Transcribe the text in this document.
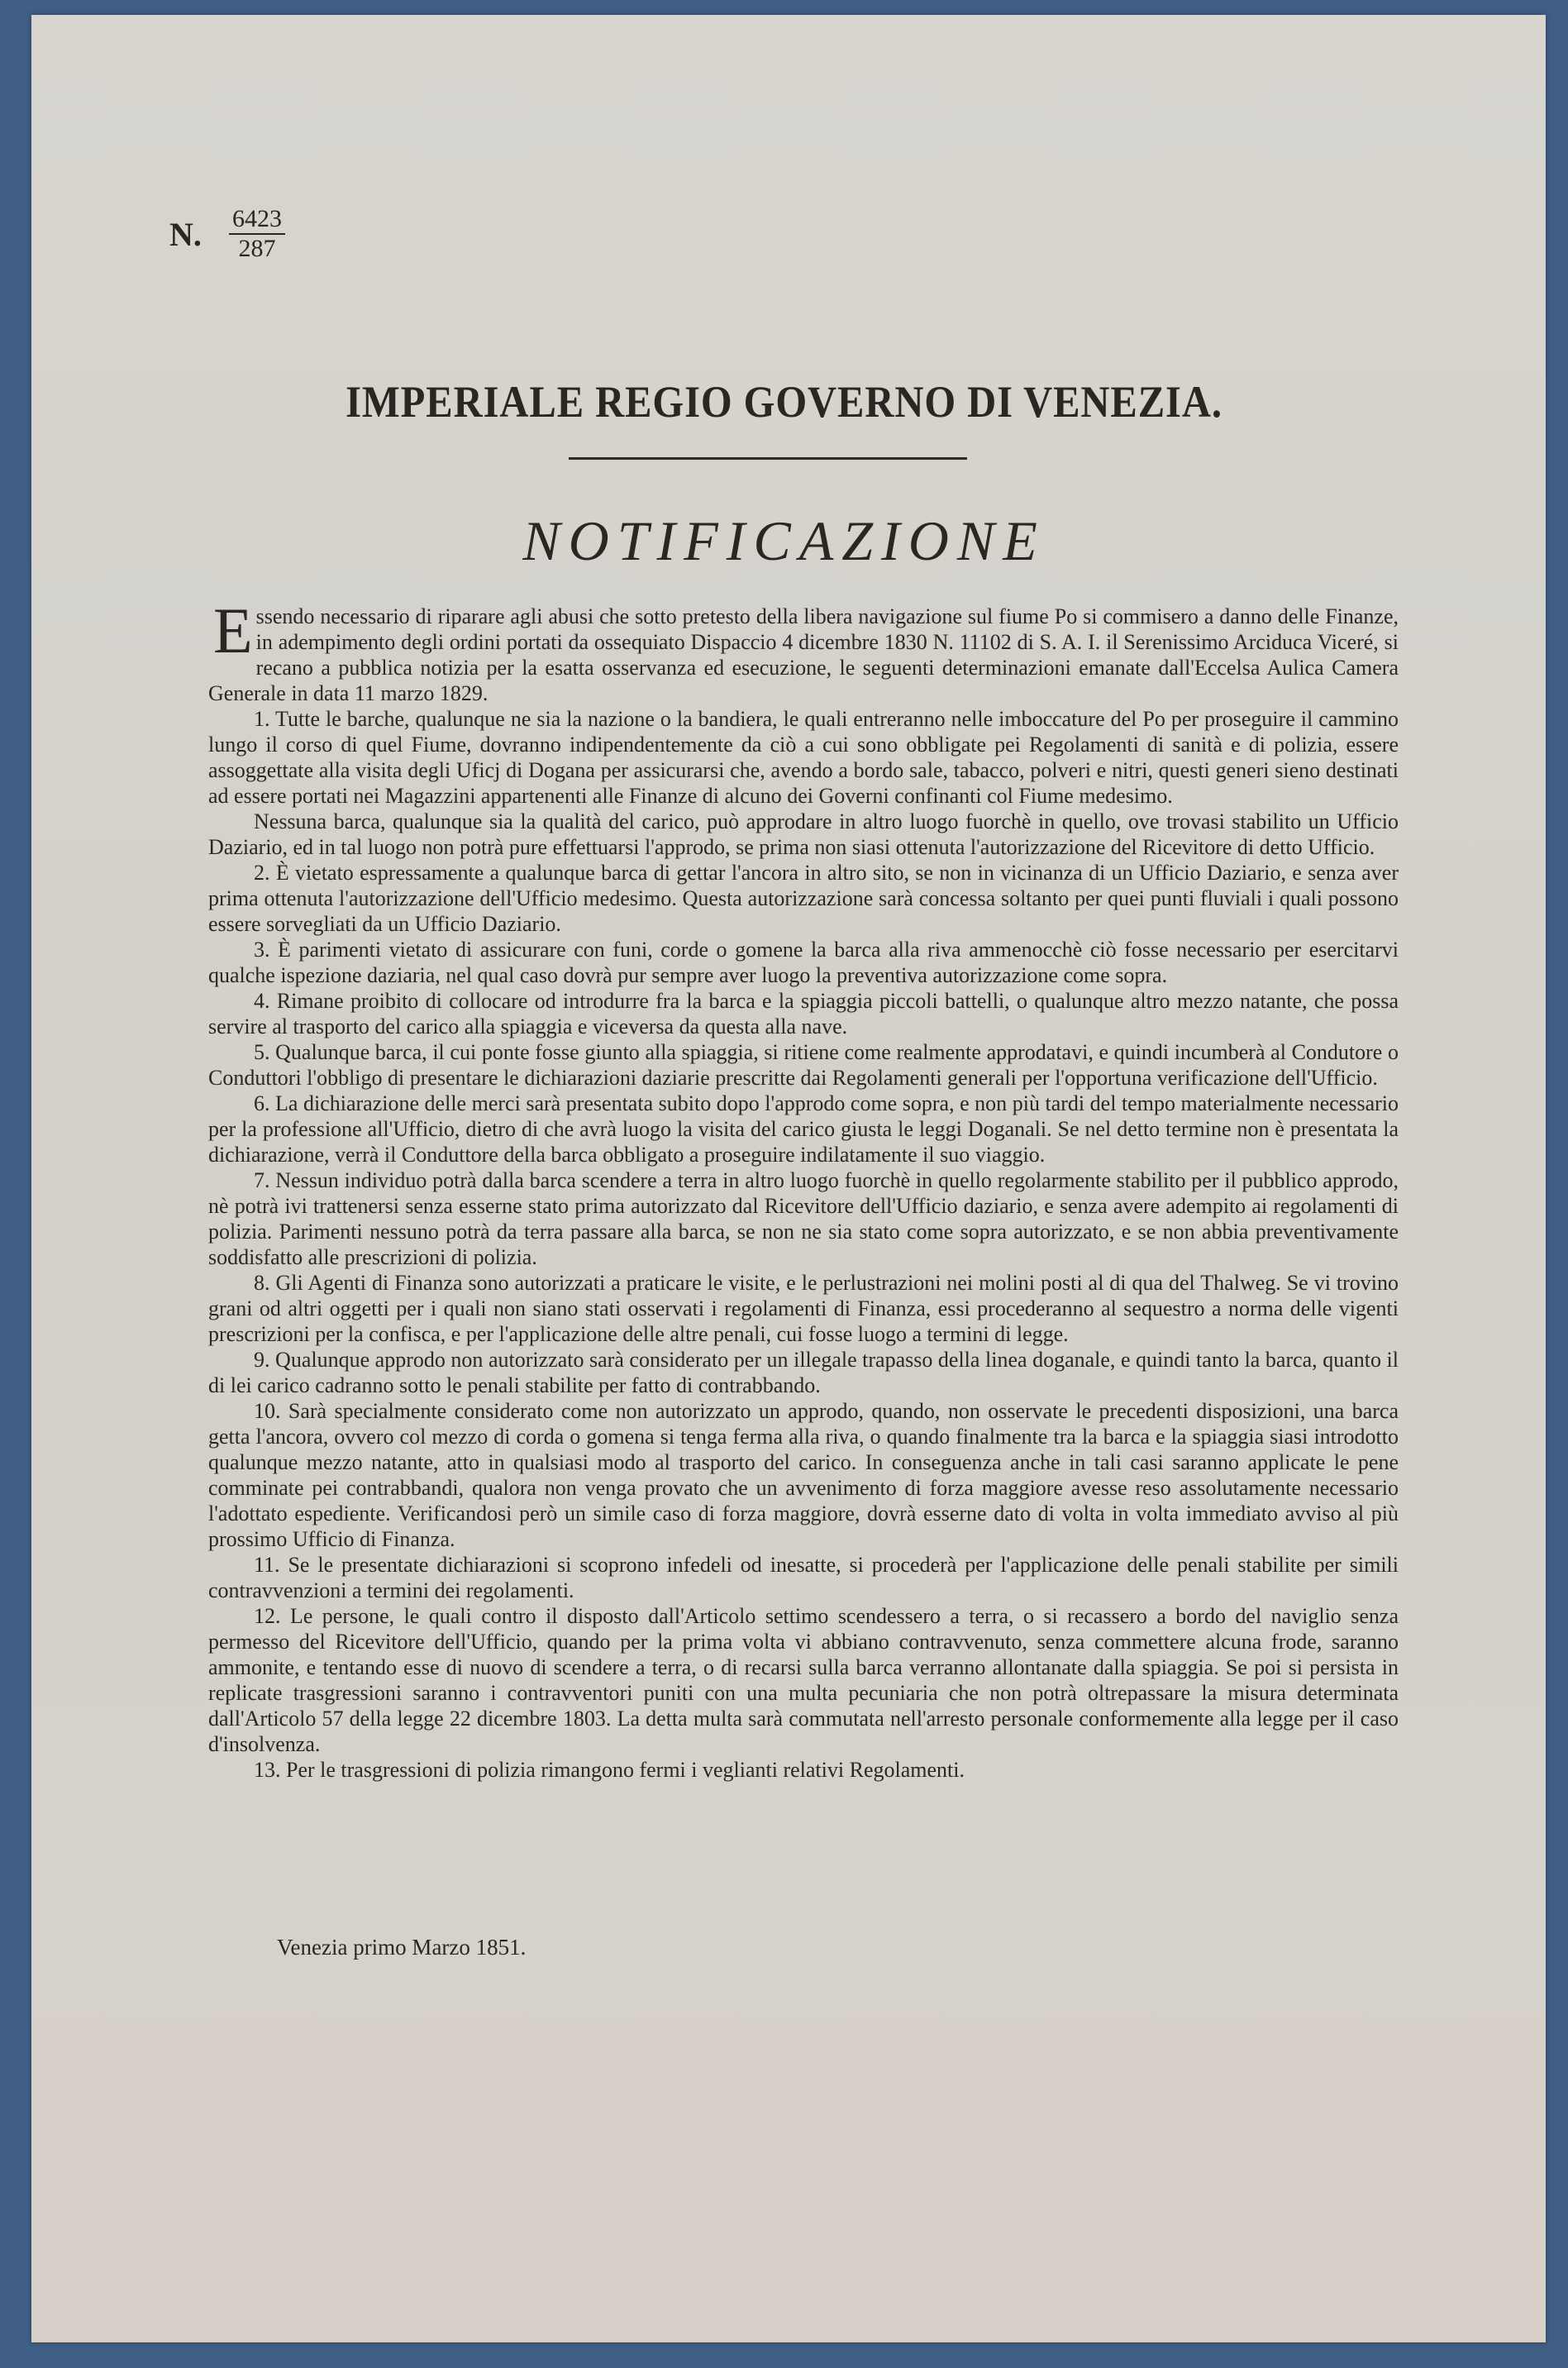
N. $\frac{6423}{287}$
IMPERIALE REGIO GOVERNO DI VENEZIA.
NOTIFICAZIONE

Essendo necessario di riparare agli abusi che sotto pretesto della libera navigazione sul fiume Po si commisero a danno delle Finanze, in adempimento degli ordini portati da ossequiato Dispaccio 4 dicembre 1830 N. 11102 di S. A. I. il Serenissimo Arciduca Viceré, si recano a pubblica notizia per la esatta osservanza ed esecuzione, le seguenti determinazioni emanate dall'Eccelsa Aulica Camera Generale in data 11 marzo 1829.

1. Tutte le barche, qualunque ne sia la nazione o la bandiera, le quali entreranno nelle imboccature del Po per proseguire il cammino lungo il corso di quel Fiume, dovranno indipendentemente da ciò a cui sono obbligate pei Regolamenti di sanità e di polizia, essere assoggettate alla visita degli Uficj di Dogana per assicurarsi che, avendo a bordo sale, tabacco, polveri e nitri, questi generi sieno destinati ad essere portati nei Magazzini appartenenti alle Finanze di alcuno dei Governi confinanti col Fiume medesimo.

Nessuna barca, qualunque sia la qualità del carico, può approdare in altro luogo fuorchè in quello, ove trovasi stabilito un Ufficio Daziario, ed in tal luogo non potrà pure effettuarsi l'approdo, se prima non siasi ottenuta l'autorizzazione del Ricevitore di detto Ufficio.

2. È vietato espressamente a qualunque barca di gettar l'ancora in altro sito, se non in vicinanza di un Ufficio Daziario, e senza aver prima ottenuta l'autorizzazione dell'Ufficio medesimo. Questa autorizzazione sarà concessa soltanto per quei punti fluviali i quali possono essere sorvegliati da un Ufficio Daziario.

3. È parimenti vietato di assicurare con funi, corde o gomene la barca alla riva ammenocchè ciò fosse necessario per esercitarvi qualche ispezione daziaria, nel qual caso dovrà pur sempre aver luogo la preventiva autorizzazione come sopra.

4. Rimane proibito di collocare od introdurre fra la barca e la spiaggia piccoli battelli, o qualunque altro mezzo natante, che possa servire al trasporto del carico alla spiaggia e viceversa da questa alla nave.

5. Qualunque barca, il cui ponte fosse giunto alla spiaggia, si ritiene come realmente approdatavi, e quindi incumberà al Condutore o Conduttori l'obbligo di presentare le dichiarazioni daziarie prescritte dai Regolamenti generali per l'opportuna verificazione dell'Ufficio.

6. La dichiarazione delle merci sarà presentata subito dopo l'approdo come sopra, e non più tardi del tempo materialmente necessario per la professione all'Ufficio, dietro di che avrà luogo la visita del carico giusta le leggi Doganali. Se nel detto termine non è presentata la dichiarazione, verrà il Conduttore della barca obbligato a proseguire indilatamente il suo viaggio.

7. Nessun individuo potrà dalla barca scendere a terra in altro luogo fuorchè in quello regolarmente stabilito per il pubblico approdo, nè potrà ivi trattenersi senza esserne stato prima autorizzato dal Ricevitore dell'Ufficio daziario, e senza avere adempito ai regolamenti di polizia. Parimenti nessuno potrà da terra passare alla barca, se non ne sia stato come sopra autorizzato, e se non abbia preventivamente soddisfatto alle prescrizioni di polizia.

8. Gli Agenti di Finanza sono autorizzati a praticare le visite, e le perlustrazioni nei molini posti al di qua del Thalweg. Se vi trovino grani od altri oggetti per i quali non siano stati osservati i regolamenti di Finanza, essi procederanno al sequestro a norma delle vigenti prescrizioni per la confisca, e per l'applicazione delle altre penali, cui fosse luogo a termini di legge.

9. Qualunque approdo non autorizzato sarà considerato per un illegale trapasso della linea doganale, e quindi tanto la barca, quanto il di lei carico cadranno sotto le penali stabilite per fatto di contrabbando.

10. Sarà specialmente considerato come non autorizzato un approdo, quando, non osservate le precedenti disposizioni, una barca getta l'ancora, ovvero col mezzo di corda o gomena si tenga ferma alla riva, o quando finalmente tra la barca e la spiaggia siasi introdotto qualunque mezzo natante, atto in qualsiasi modo al trasporto del carico. In conseguenza anche in tali casi saranno applicate le pene comminate pei contrabbandi, qualora non venga provato che un avvenimento di forza maggiore avesse reso assolutamente necessario l'adottato espediente. Verificandosi però un simile caso di forza maggiore, dovrà esserne dato di volta in volta immediato avviso al più prossimo Ufficio di Finanza.

11. Se le presentate dichiarazioni si scoprono infedeli od inesatte, si procederà per l'applicazione delle penali stabilite per simili contravvenzioni a termini dei regolamenti.

12. Le persone, le quali contro il disposto dall'Articolo settimo scendessero a terra, o si recassero a bordo del naviglio senza permesso del Ricevitore dell'Ufficio, quando per la prima volta vi abbiano contravvenuto, senza commettere alcuna frode, saranno ammonite, e tentando esse di nuovo di scendere a terra, o di recarsi sulla barca verranno allontanate dalla spiaggia. Se poi si persista in replicate trasgressioni saranno i contravventori puniti con una multa pecuniaria che non potrà oltrepassare la misura determinata dall'Articolo 57 della legge 22 dicembre 1803. La detta multa sarà commutata nell'arresto personale conformemente alla legge per il caso d'insolvenza.

13. Per le trasgressioni di polizia rimangono fermi i veglianti relativi Regolamenti.

Venezia primo Marzo 1851.
